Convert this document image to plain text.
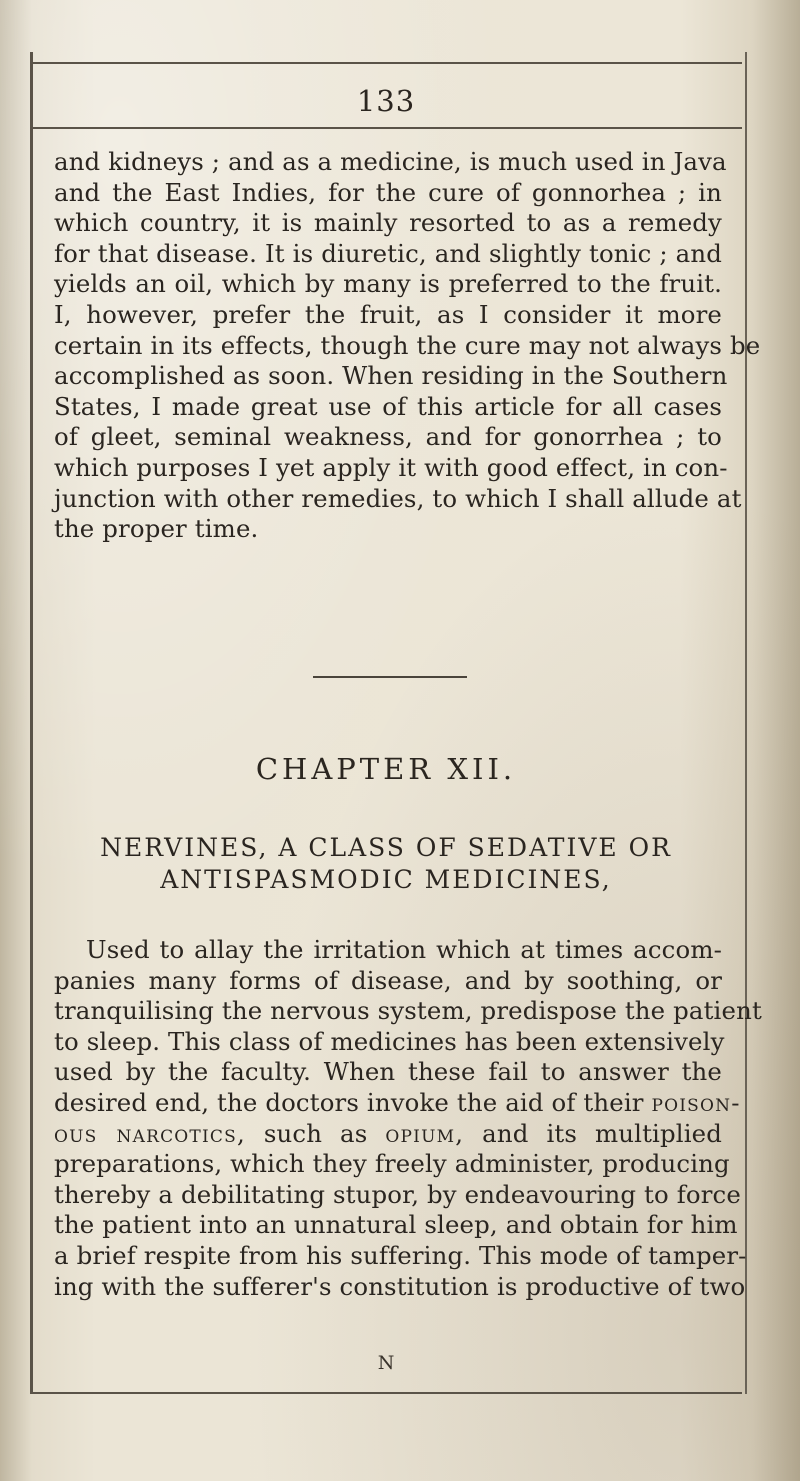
133
and kidneys ; and as a medicine, is much used in Java
and the East Indies, for the cure of gonnorhea ; in
which country, it is mainly resorted to as a remedy
for that disease. It is diuretic, and slightly tonic ; and
yields an oil, which by many is preferred to the fruit.
I, however, prefer the fruit, as I consider it more
certain in its effects, though the cure may not always be
accomplished as soon. When residing in the Southern
States, I made great use of this article for all cases
of gleet, seminal weakness, and for gonorrhea ; to
which purposes I yet apply it with good effect, in con-
junction with other remedies, to which I shall allude at
the proper time.
CHAPTER XII.
NERVINES, A CLASS OF SEDATIVE OR
ANTISPASMODIC MEDICINES,
Used to allay the irritation which at times accom-
panies many forms of disease, and by soothing, or
tranquilising the nervous system, predispose the patient
to sleep. This class of medicines has been extensively
used by the faculty. When these fail to answer the
desired end, the doctors invoke the aid of their poison-
ous narcotics, such as opium, and its multiplied
preparations, which they freely administer, producing
thereby a debilitating stupor, by endeavouring to force
the patient into an unnatural sleep, and obtain for him
a brief respite from his suffering. This mode of tamper-
ing with the sufferer's constitution is productive of two
N
